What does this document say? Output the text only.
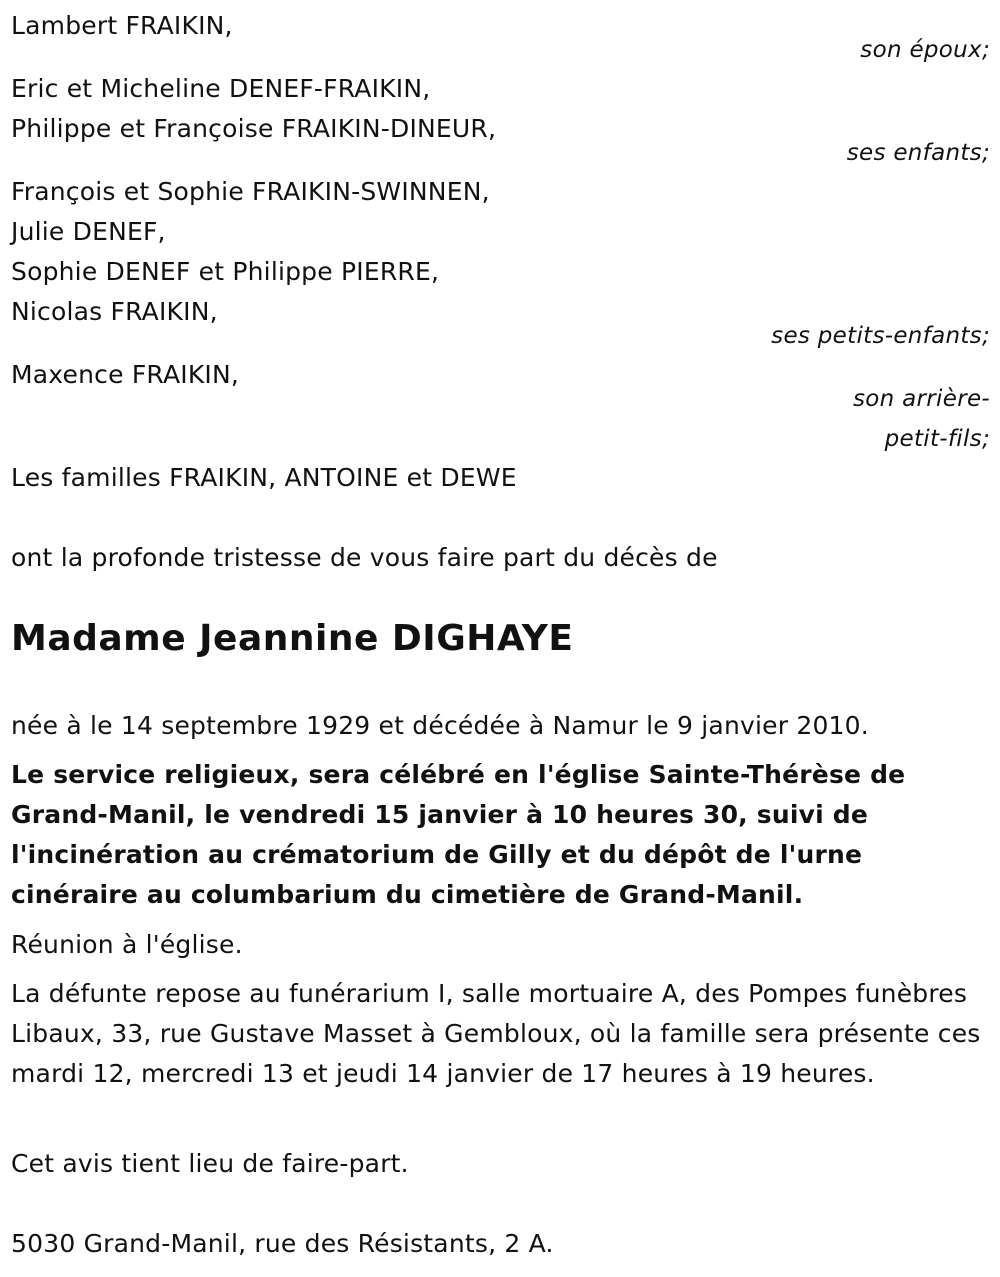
Lambert FRAIKIN,
son époux;
Eric et Micheline DENEF-FRAIKIN,
Philippe et Françoise FRAIKIN-DINEUR,
ses enfants;
François et Sophie FRAIKIN-SWINNEN,
Julie DENEF,
Sophie DENEF et Philippe PIERRE,
Nicolas FRAIKIN,
ses petits-enfants;
Maxence FRAIKIN,
son arrière-
petit-fils;
Les familles FRAIKIN, ANTOINE et DEWE
ont la profonde tristesse de vous faire part du décès de
Madame Jeannine DIGHAYE
née à le 14 septembre 1929 et décédée à Namur le 9 janvier 2010.
Le service religieux, sera célébré en l'église Sainte-Thérèse de Grand-Manil, le vendredi 15 janvier à 10 heures 30, suivi de l'incinération au crématorium de Gilly et du dépôt de l'urne cinéraire au columbarium du cimetière de Grand-Manil.
Réunion à l'église.
La défunte repose au funérarium I, salle mortuaire A, des Pompes funèbres Libaux, 33, rue Gustave Masset à Gembloux, où la famille sera présente ces mardi 12, mercredi 13 et jeudi 14 janvier de 17 heures à 19 heures.
Cet avis tient lieu de faire-part.
5030 Grand-Manil, rue des Résistants, 2 A.
